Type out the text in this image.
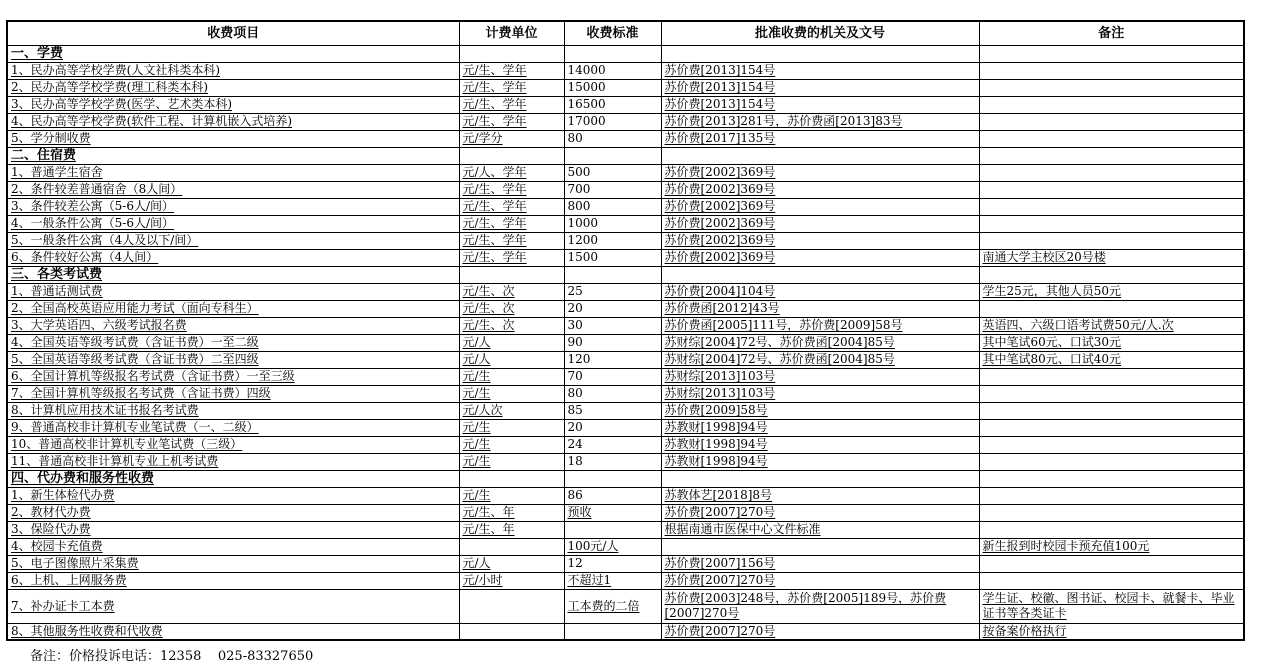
收费项目	计费单位	收费标准	批准收费的机关及文号	备注
一、学费				
1、民办高等学校学费(人文社科类本科)	元/生、学年	14000	苏价费[2013]154号	
2、民办高等学校学费(理工科类本科)	元/生、学年	15000	苏价费[2013]154号	
3、民办高等学校学费(医学、艺术类本科)	元/生、学年	16500	苏价费[2013]154号	
4、民办高等学校学费(软件工程、计算机嵌入式培养)	元/生、学年	17000	苏价费[2013]281号，苏价费函[2013]83号	
5、学分制收费	元/学分	80	苏价费[2017]135号	
二、住宿费				
1、普通学生宿舍	元/人、学年	500	苏价费[2002]369号	
2、条件较差普通宿舍（8人间）	元/生、学年	700	苏价费[2002]369号	
3、条件较差公寓（5-6人/间）	元/生、学年	800	苏价费[2002]369号	
4、一般条件公寓（5-6人/间）	元/生、学年	1000	苏价费[2002]369号	
5、一般条件公寓（4人及以下/间）	元/生、学年	1200	苏价费[2002]369号	
6、条件较好公寓（4人间）	元/生、学年	1500	苏价费[2002]369号	南通大学主校区20号楼
三、各类考试费				
1、普通话测试费	元/生、次	25	苏价费[2004]104号	学生25元，其他人员50元
2、全国高校英语应用能力考试（面向专科生）	元/生、次	20	苏价费函[2012]43号	
3、大学英语四、六级考试报名费	元/生、次	30	苏价费函[2005]111号，苏价费[2009]58号	英语四、六级口语考试费50元/人.次
4、全国英语等级考试费（含证书费）一至二级	元/人	90	苏财综[2004]72号、苏价费函[2004]85号	其中笔试60元、口试30元
5、全国英语等级考试费（含证书费）二至四级	元/人	120	苏财综[2004]72号、苏价费函[2004]85号	其中笔试80元、口试40元
6、全国计算机等级报名考试费（含证书费）一至三级	元/生	70	苏财综[2013]103号	
7、全国计算机等级报名考试费（含证书费）四级	元/生	80	苏财综[2013]103号	
8、计算机应用技术证书报名考试费	元/人次	85	苏价费[2009]58号	
9、普通高校非计算机专业笔试费（一、二级）	元/生	20	苏教财[1998]94号	
10、普通高校非计算机专业笔试费（三级）	元/生	24	苏教财[1998]94号	
11、普通高校非计算机专业上机考试费	元/生	18	苏教财[1998]94号	
四、代办费和服务性收费				
1、新生体检代办费	元/生	86	苏教体艺[2018]8号	
2、教材代办费	元/生、年	预收	苏价费[2007]270号	
3、保险代办费	元/生、年		根据南通市医保中心文件标准	
4、校园卡充值费		100元/人		新生报到时校园卡预充值100元
5、电子图像照片采集费	元/人	12	苏价费[2007]156号	
6、上机、上网服务费	元/小时	不超过1	苏价费[2007]270号	
7、补办证卡工本费		工本费的二倍	苏价费[2003]248号，苏价费[2005]189号，苏价费[2007]270号	学生证、校徽、图书证、校园卡、就餐卡、毕业证书等各类证卡
8、其他服务性收费和代收费			苏价费[2007]270号	按备案价格执行
备注：价格投诉电话：12358    025-83327650
